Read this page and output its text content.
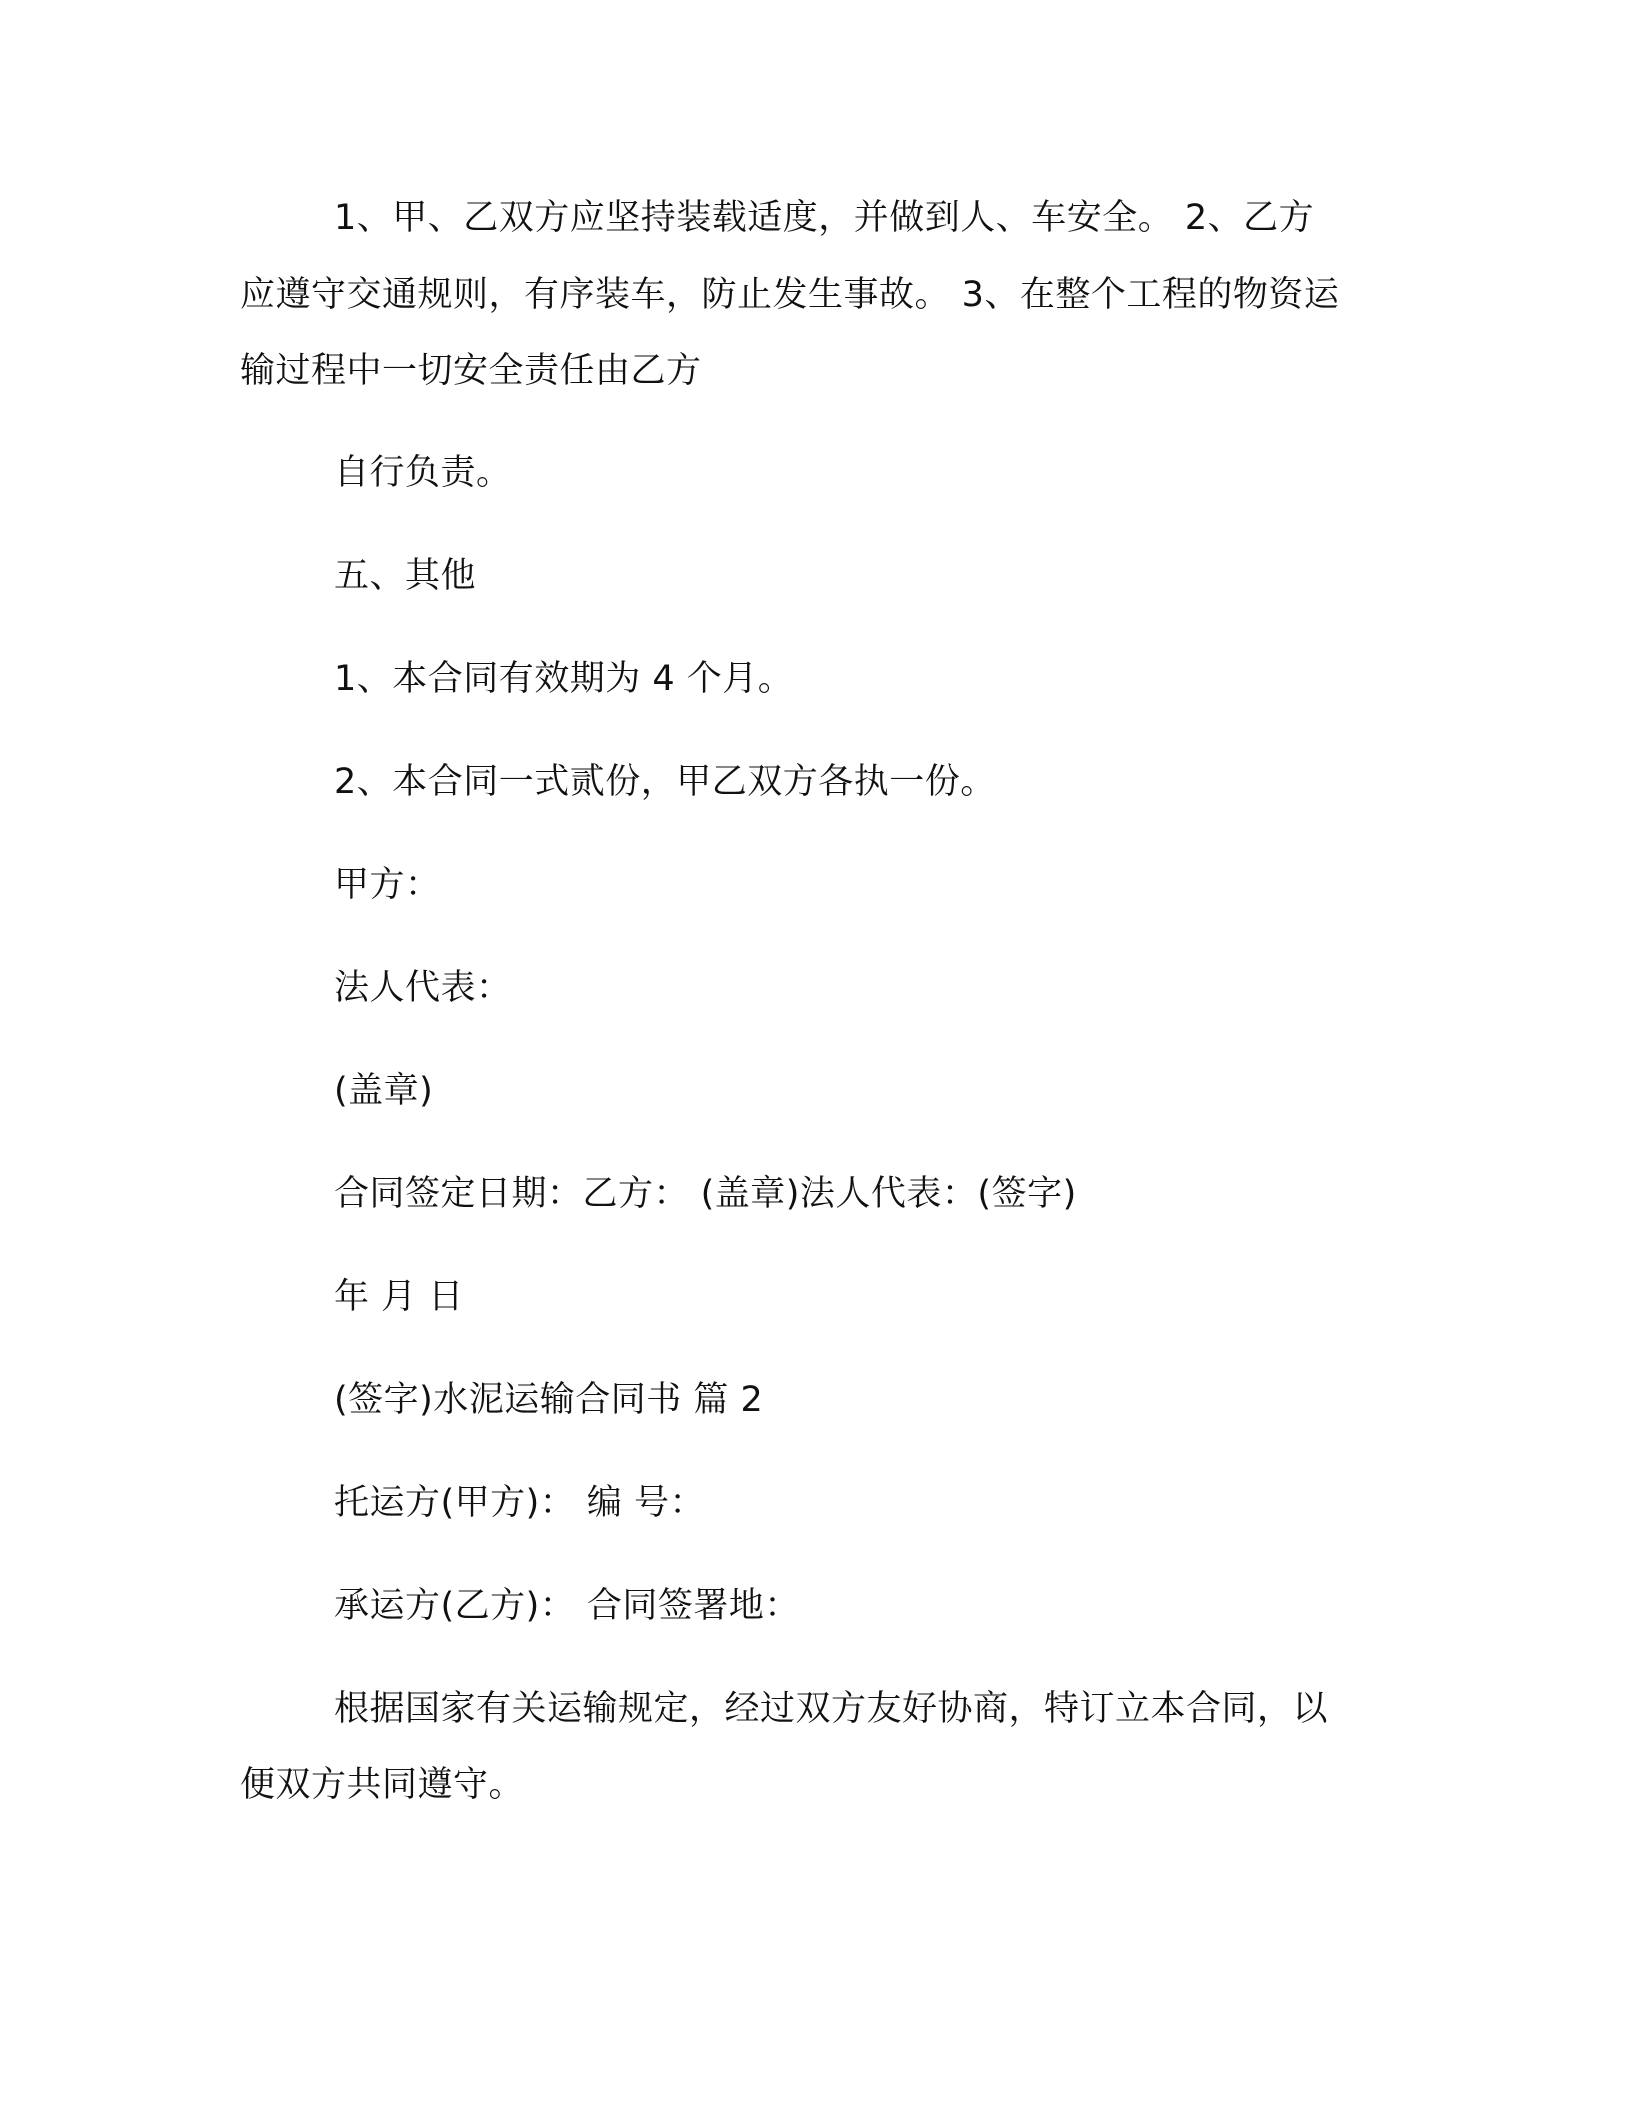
1、甲、乙双方应坚持装载适度，并做到人、车安全。 2、乙方
应遵守交通规则，有序装车，防止发生事故。 3、在整个工程的物资运
输过程中一切安全责任由乙方
自行负责。
五、其他
1、本合同有效期为 4 个月。
2、本合同一式贰份，甲乙双方各执一份。
甲方：
法人代表：
(盖章)
合同签定日期：乙方： (盖章)法人代表：(签字)
年 月 日
(签字)水泥运输合同书 篇 2
托运方(甲方)： 编 号：
承运方(乙方)： 合同签署地：
根据国家有关运输规定，经过双方友好协商，特订立本合同，以
便双方共同遵守。
